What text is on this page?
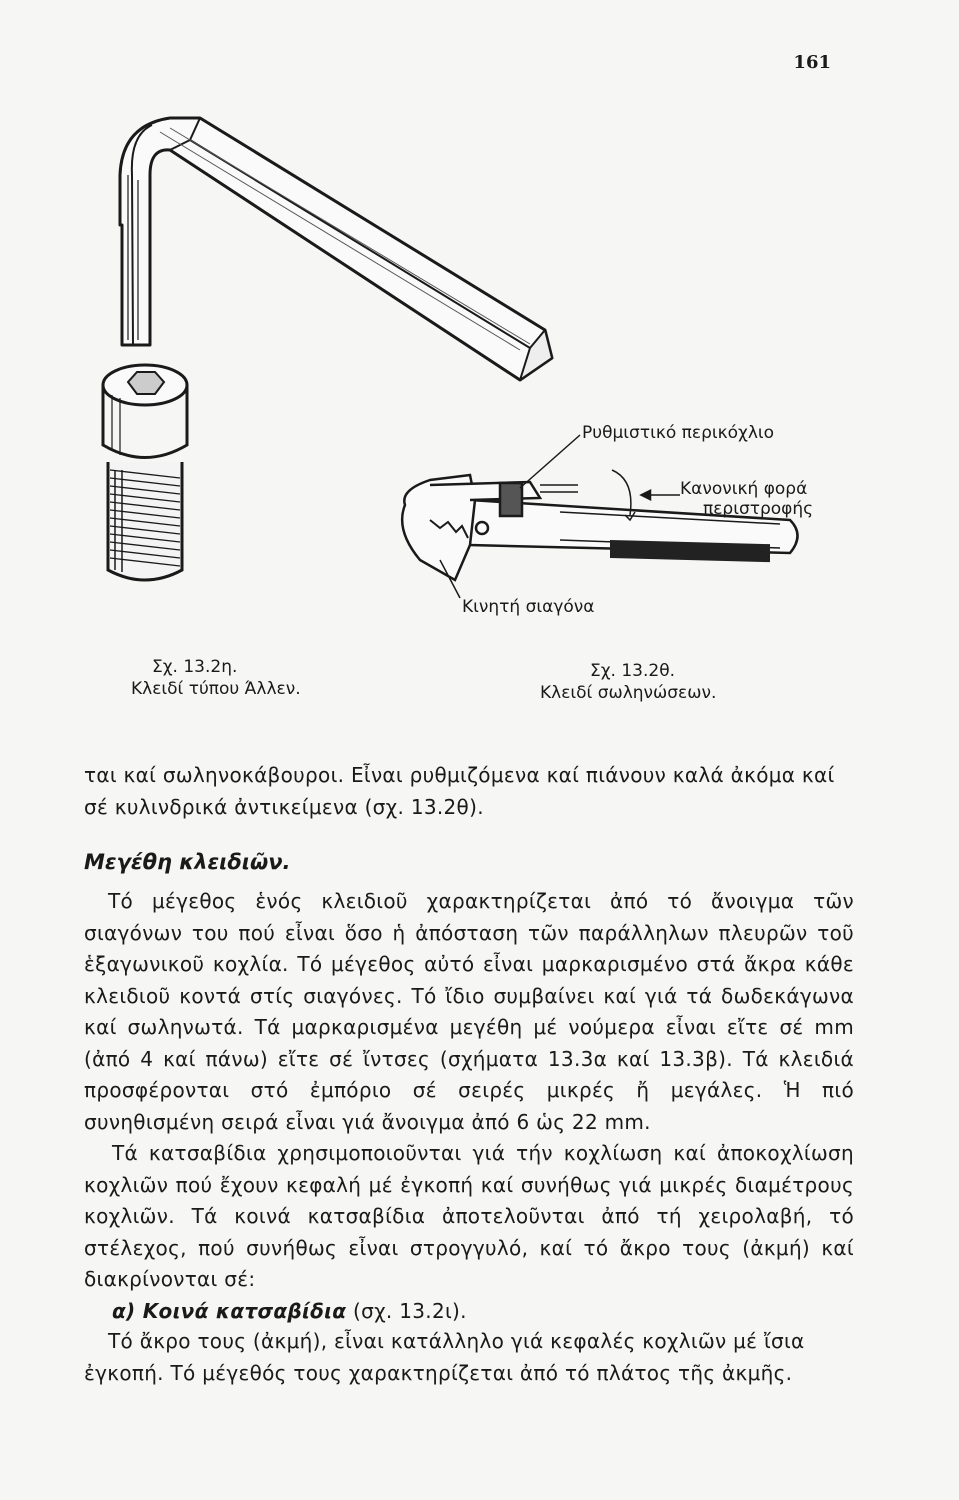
161
Ρυθμιστικό περικόχλιο
Κανονική φορά
περιστροφής
Κινητή σιαγόνα
Σχ. 13.2η.
Κλειδί τύπου Άλλεν.
Σχ. 13.2θ.
Κλειδί σωληνώσεων.
ται καί σωληνοκάβουροι. Εἶναι ρυθμιζόμενα καί πιάνουν καλά ἀκόμα καί σέ κυλινδρικά ἀντικείμενα (σχ. 13.2θ).
Μεγέθη κλειδιῶν.

Τό μέγεθος ἑνός κλειδιοῦ χαρακτηρίζεται ἀπό τό ἄνοιγμα τῶν σιαγόνων του πού εἶναι ὅσο ἡ ἀπόσταση τῶν παράλληλων πλευρῶν τοῦ ἑξαγωνικοῦ κοχλία. Τό μέγεθος αὐτό εἶναι μαρκαρισμένο στά ἄκρα κάθε κλειδιοῦ κοντά στίς σιαγόνες. Τό ἴδιο συμβαίνει καί γιά τά δωδεκάγωνα καί σωληνωτά. Τά μαρκαρισμένα μεγέθη μέ νούμερα εἶναι εἴτε σέ mm (ἀπό 4 καί πάνω) εἴτε σέ ἴντσες (σχήματα 13.3α καί 13.3β). Τά κλειδιά προσφέρονται στό ἐμπόριο σέ σειρές μικρές ἤ μεγάλες. Ἡ πιό συνηθισμένη σειρά εἶναι γιά ἄνοιγμα ἀπό 6 ὡς 22 mm.

Τά κατσαβίδια χρησιμοποιοῦνται γιά τήν κοχλίωση καί ἀποκοχλίωση κοχλιῶν πού ἔχουν κεφαλή μέ ἐγκοπή καί συνήθως γιά μικρές διαμέτρους κοχλιῶν. Τά κοινά κατσαβίδια ἀποτελοῦνται ἀπό τή χειρολαβή, τό στέλεχος, πού συνήθως εἶναι στρογγυλό, καί τό ἄκρο τους (ἀκμή) καί διακρίνονται σέ:

α) Κοινά κατσαβίδια (σχ. 13.2ι).

Τό ἄκρο τους (ἀκμή), εἶναι κατάλληλο γιά κεφαλές κοχλιῶν μέ ἴσια ἐγκοπή. Τό μέγεθός τους χαρακτηρίζεται ἀπό τό πλάτος τῆς ἀκμῆς.
